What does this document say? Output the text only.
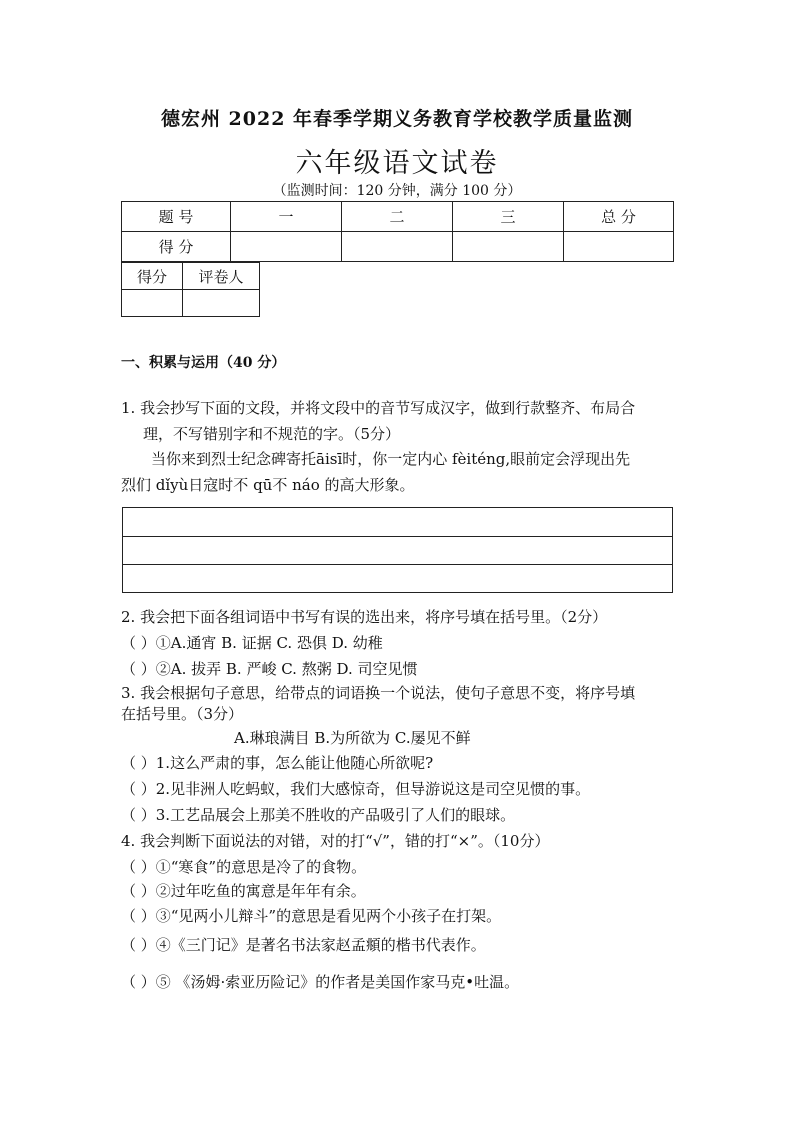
德宏州 2022 年春季学期义务教育学校教学质量监测
六年级语文试卷
（监测时间：120 分钟，满分 100 分）
题 号	一	二	三	总 分
得 分				
得分	评卷人

一、积累与运用（40 分）
1. 我会抄写下面的文段，并将文段中的音节写成汉字，做到行款整齐、布局合
理，不写错别字和不规范的字。（5分）
当你来到烈士纪念碑寄托āisī时，你一定内心 fèiténg,眼前定会浮现出先
烈们 dǐyù日寇时不 qū不 náo 的高大形象。
2. 我会把下面各组词语中书写有误的选出来，将序号填在括号里。（2分）
（ ）①A.通宵 B. 证据 C. 恐俱 D. 幼稚
（ ）②A. 拔弄 B. 严峻 C. 熬粥 D. 司空见惯
3. 我会根据句子意思，给带点的词语换一个说法，使句子意思不变，将序号填
在括号里。（3分）
A.琳琅满目 B.为所欲为 C.屡见不鲜
（ ）1.这么严肃的事，怎么能让他随心所欲呢?
（ ）2.见非洲人吃蚂蚁，我们大感惊奇，但导游说这是司空见惯的事。
（ ）3.工艺品展会上那美不胜收的产品吸引了人们的眼球。
4. 我会判断下面说法的对错，对的打“√”，错的打“×”。（10分）
（ ）①“寒食”的意思是冷了的食物。
（ ）②过年吃鱼的寓意是年年有余。
（ ）③“见两小儿辩斗”的意思是看见两个小孩子在打架。
（ ）④《三门记》是著名书法家赵孟頫的楷书代表作。
（ ）⑤ 《汤姆·索亚历险记》的作者是美国作家马克•吐温。
